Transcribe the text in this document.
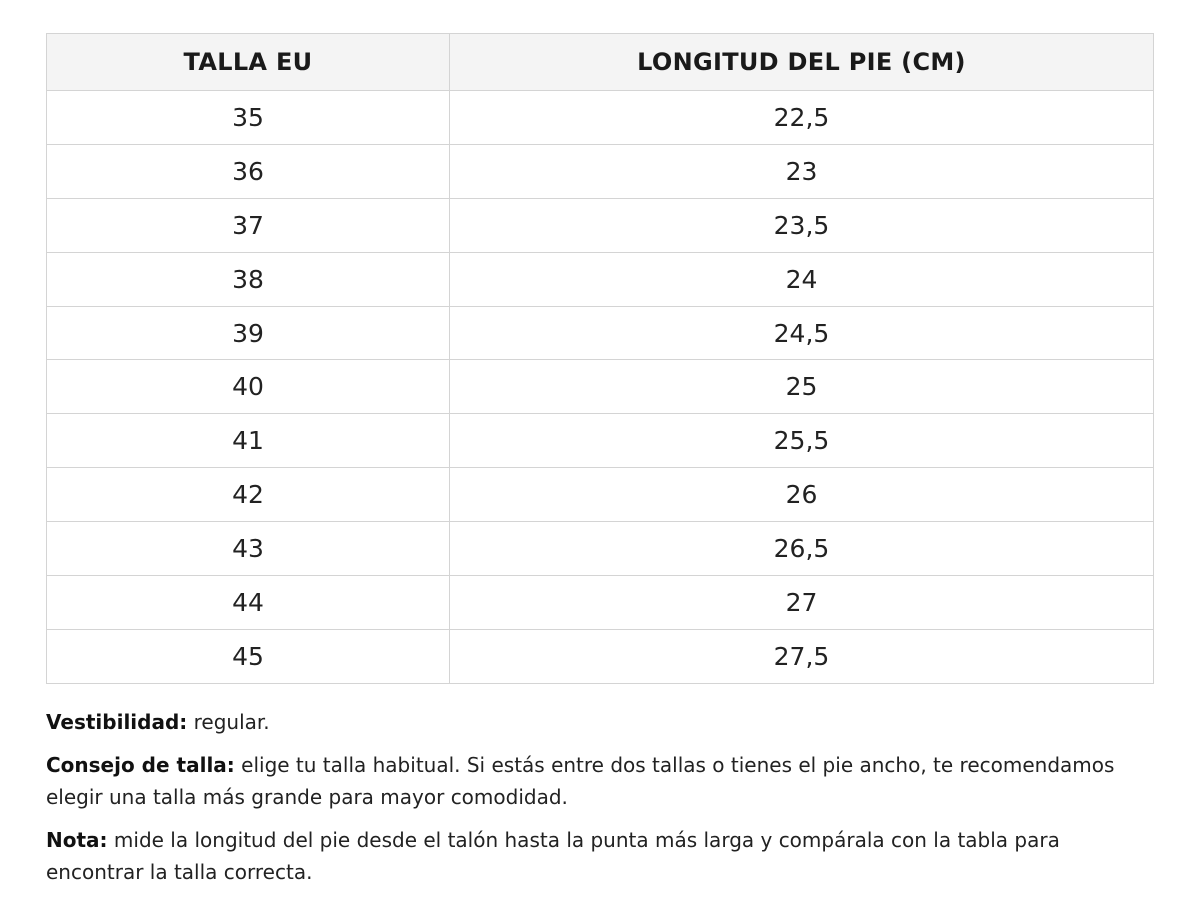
TALLA EU	LONGITUD DEL PIE (CM)
35	22,5
36	23
37	23,5
38	24
39	24,5
40	25
41	25,5
42	26
43	26,5
44	27
45	27,5

Vestibilidad: regular.

Consejo de talla: elige tu talla habitual. Si estás entre dos tallas o tienes el pie ancho, te recomendamos elegir una talla más grande para mayor comodidad.

Nota: mide la longitud del pie desde el talón hasta la punta más larga y compárala con la tabla para encontrar la talla correcta.
